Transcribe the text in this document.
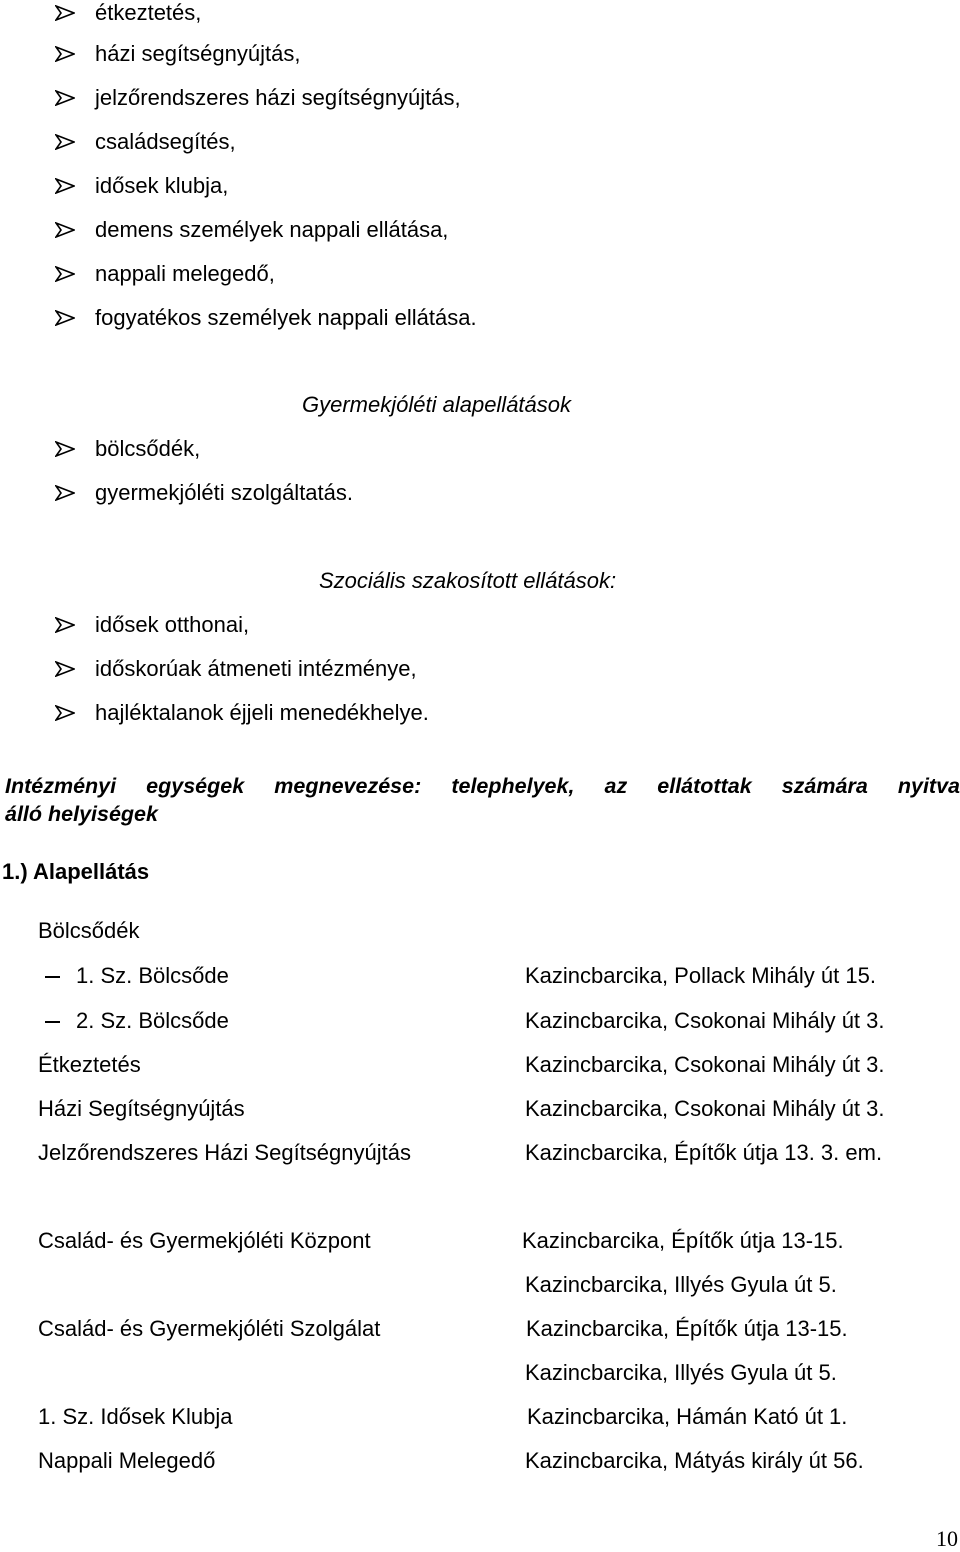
étkeztetés,
házi segítségnyújtás,
jelzőrendszeres házi segítségnyújtás,
családsegítés,
idősek klubja,
demens személyek nappali ellátása,
nappali melegedő,
fogyatékos személyek nappali ellátása.
Gyermekjóléti alapellátások
bölcsődék,
gyermekjóléti szolgáltatás.
Szociális szakosított ellátások:
idősek otthonai,
időskorúak átmeneti intézménye,
hajléktalanok éjjeli menedékhelye.
Intézményi egységek megnevezése: telephelyek, az ellátottak számára nyitva
álló helyiségek
1.) Alapellátás
Bölcsődék
1. Sz. Bölcsőde	Kazincbarcika, Pollack Mihály út 15.
2. Sz. Bölcsőde	Kazincbarcika, Csokonai Mihály út 3.
Étkeztetés	Kazincbarcika, Csokonai Mihály út 3.
Házi Segítségnyújtás	Kazincbarcika, Csokonai Mihály út 3.
Jelzőrendszeres Házi Segítségnyújtás	Kazincbarcika, Építők útja 13. 3. em.
Család- és Gyermekjóléti Központ	Kazincbarcika, Építők útja 13-15.
Kazincbarcika, Illyés Gyula út 5.
Család- és Gyermekjóléti Szolgálat	Kazincbarcika, Építők útja 13-15.
Kazincbarcika, Illyés Gyula út 5.
1. Sz. Idősek Klubja	Kazincbarcika, Hámán Kató út 1.
Nappali Melegedő	Kazincbarcika, Mátyás király út 56.
10
